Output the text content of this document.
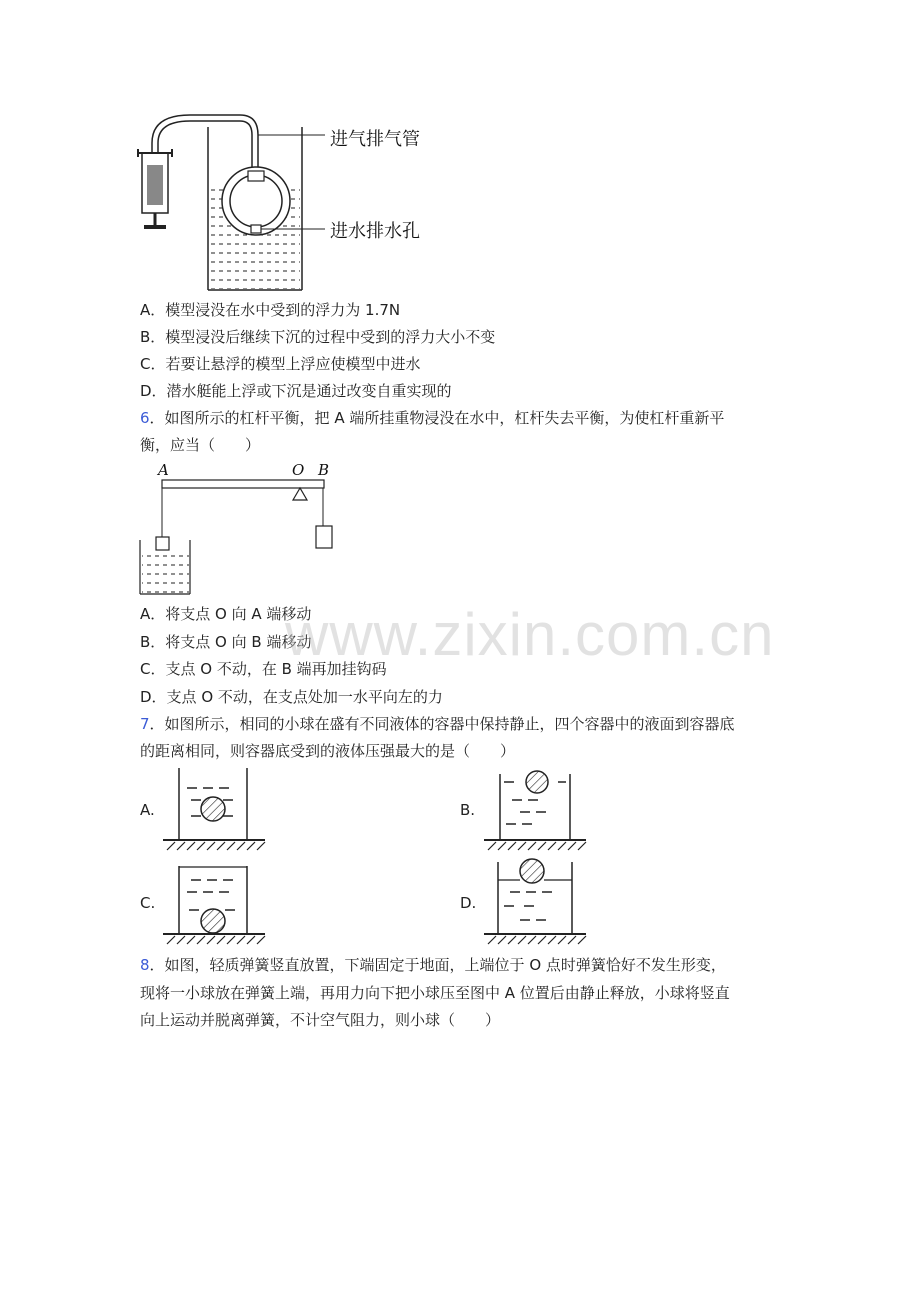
进气排气管
进水排水孔
A．模型浸没在水中受到的浮力为 1.7N
B．模型浸没后继续下沉的过程中受到的浮力大小不变
C．若要让悬浮的模型上浮应使模型中进水
D．潜水艇能上浮或下沉是通过改变自重实现的
6．如图所示的杠杆平衡，把 A 端所挂重物浸没在水中，杠杆失去平衡，为使杠杆重新平
衡，应当（　　）
A	O B
A．将支点 O 向 A 端移动
B．将支点 O 向 B 端移动
C．支点 O 不动，在 B 端再加挂钩码
D．支点 O 不动，在支点处加一水平向左的力
www.zixin.com.cn
7．如图所示，相同的小球在盛有不同液体的容器中保持静止，四个容器中的液面到容器底
的距离相同，则容器底受到的液体压强最大的是（　　）
A.	B.
C.	D.
8．如图，轻质弹簧竖直放置，下端固定于地面，上端位于 O 点时弹簧恰好不发生形变，
现将一小球放在弹簧上端，再用力向下把小球压至图中 A 位置后由静止释放，小球将竖直
向上运动并脱离弹簧，不计空气阻力，则小球（　　）
